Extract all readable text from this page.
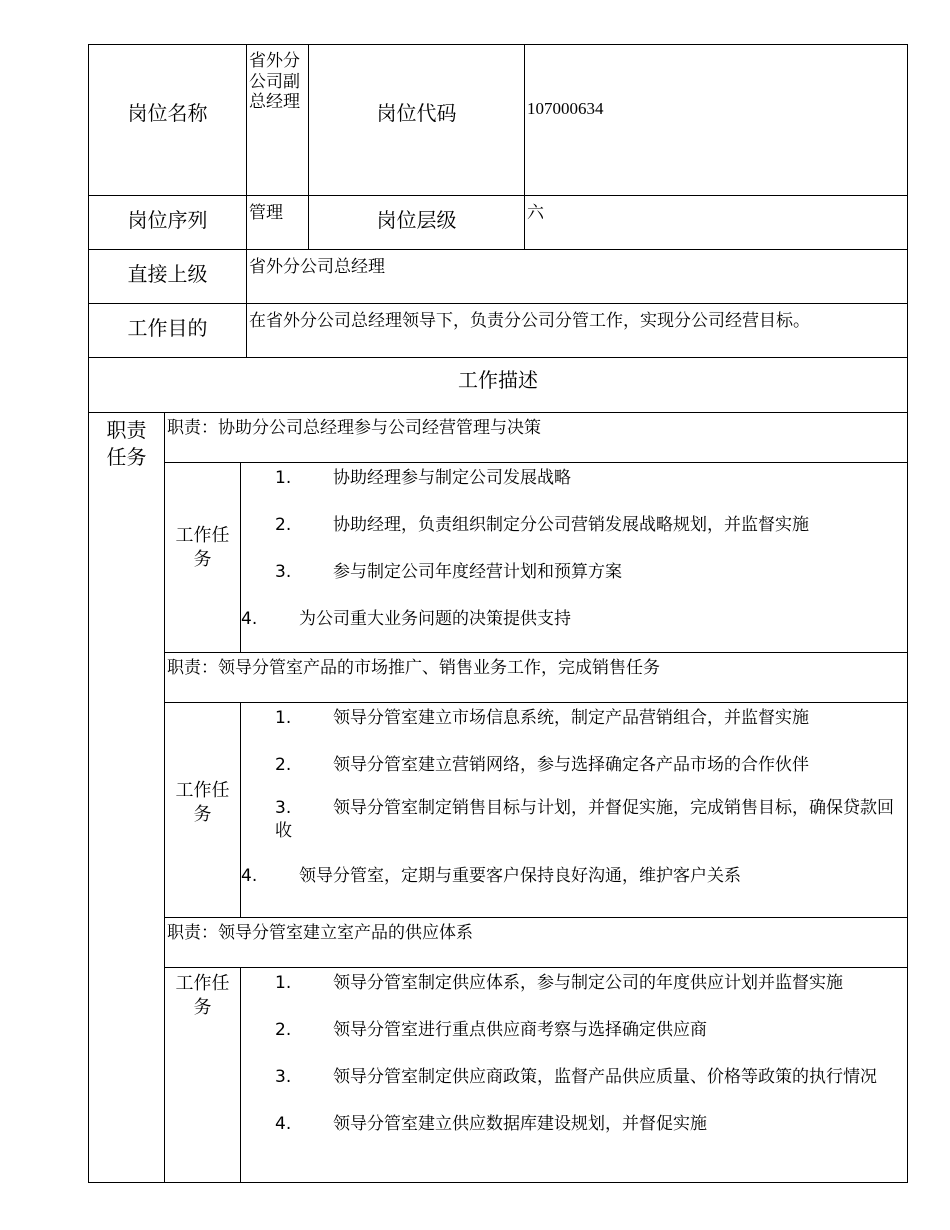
岗位名称			省外分公司副总经理	岗位代码	107000634
岗位序列			管理	岗位层级	六
直接上级			省外分公司总经理		
工作目的			在省外分公司总经理领导下，负责分公司分管工作，实现分公司经营目标。		
工作描述					
职责任务	职责：协助分公司总经理参与公司经营管理与决策				
	工作任务	1. 协助经理参与制定公司发展战略
2. 协助经理，负责组织制定分公司营销发展战略规划，并监督实施
3. 参与制定公司年度经营计划和预算方案
4. 为公司重大业务问题的决策提供支持			

	职责：领导分管室产品的市场推广、销售业务工作，完成销售任务				
	工作任务	1. 领导分管室建立市场信息系统，制定产品营销组合，并监督实施
2. 领导分管室建立营销网络，参与选择确定各产品市场的合作伙伴
3. 领导分管室制定销售目标与计划，并督促实施，完成销售目标，确保贷款回收
4. 领导分管室，定期与重要客户保持良好沟通，维护客户关系			

	职责：领导分管室建立室产品的供应体系				
	工作任务	1. 领导分管室制定供应体系，参与制定公司的年度供应计划并监督实施
2. 领导分管室进行重点供应商考察与选择确定供应商
3. 领导分管室制定供应商政策，监督产品供应质量、价格等政策的执行情况
4. 领导分管室建立供应数据库建设规划，并督促实施			
